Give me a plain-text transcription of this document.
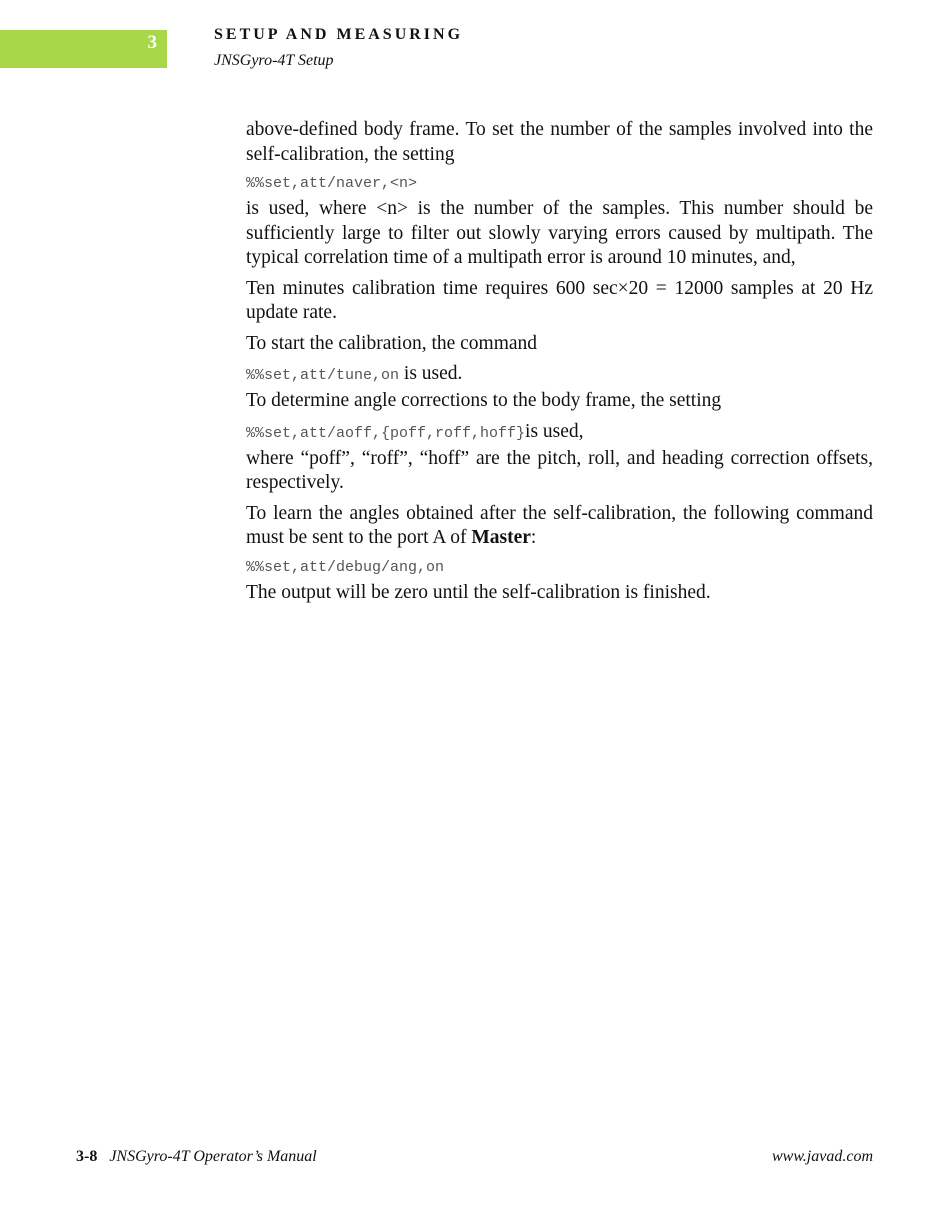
3	SETUP AND MEASURING
JNSGyro-4T Setup

above-defined body frame. To set the number of the samples involved into the self-calibration, the setting

%%set,att/naver,<n>

is used, where <n> is the number of the samples. This number should be sufficiently large to filter out slowly varying errors caused by multipath. The typical correlation time of a multipath error is around 10 minutes, and,

Ten minutes calibration time requires 600 sec×20 = 12000 samples at 20 Hz update rate.

To start the calibration, the command

%%set,att/tune,on is used.

To determine angle corrections to the body frame, the setting

%%set,att/aoff,{poff,roff,hoff}is used,

where “poff”, “roff”, “hoff” are the pitch, roll, and heading correction offsets, respectively.

To learn the angles obtained after the self-calibration, the following command must be sent to the port A of Master:

%%set,att/debug/ang,on

The output will be zero until the self-calibration is finished.

3-8 JNSGyro-4T Operator’s Manual	www.javad.com
